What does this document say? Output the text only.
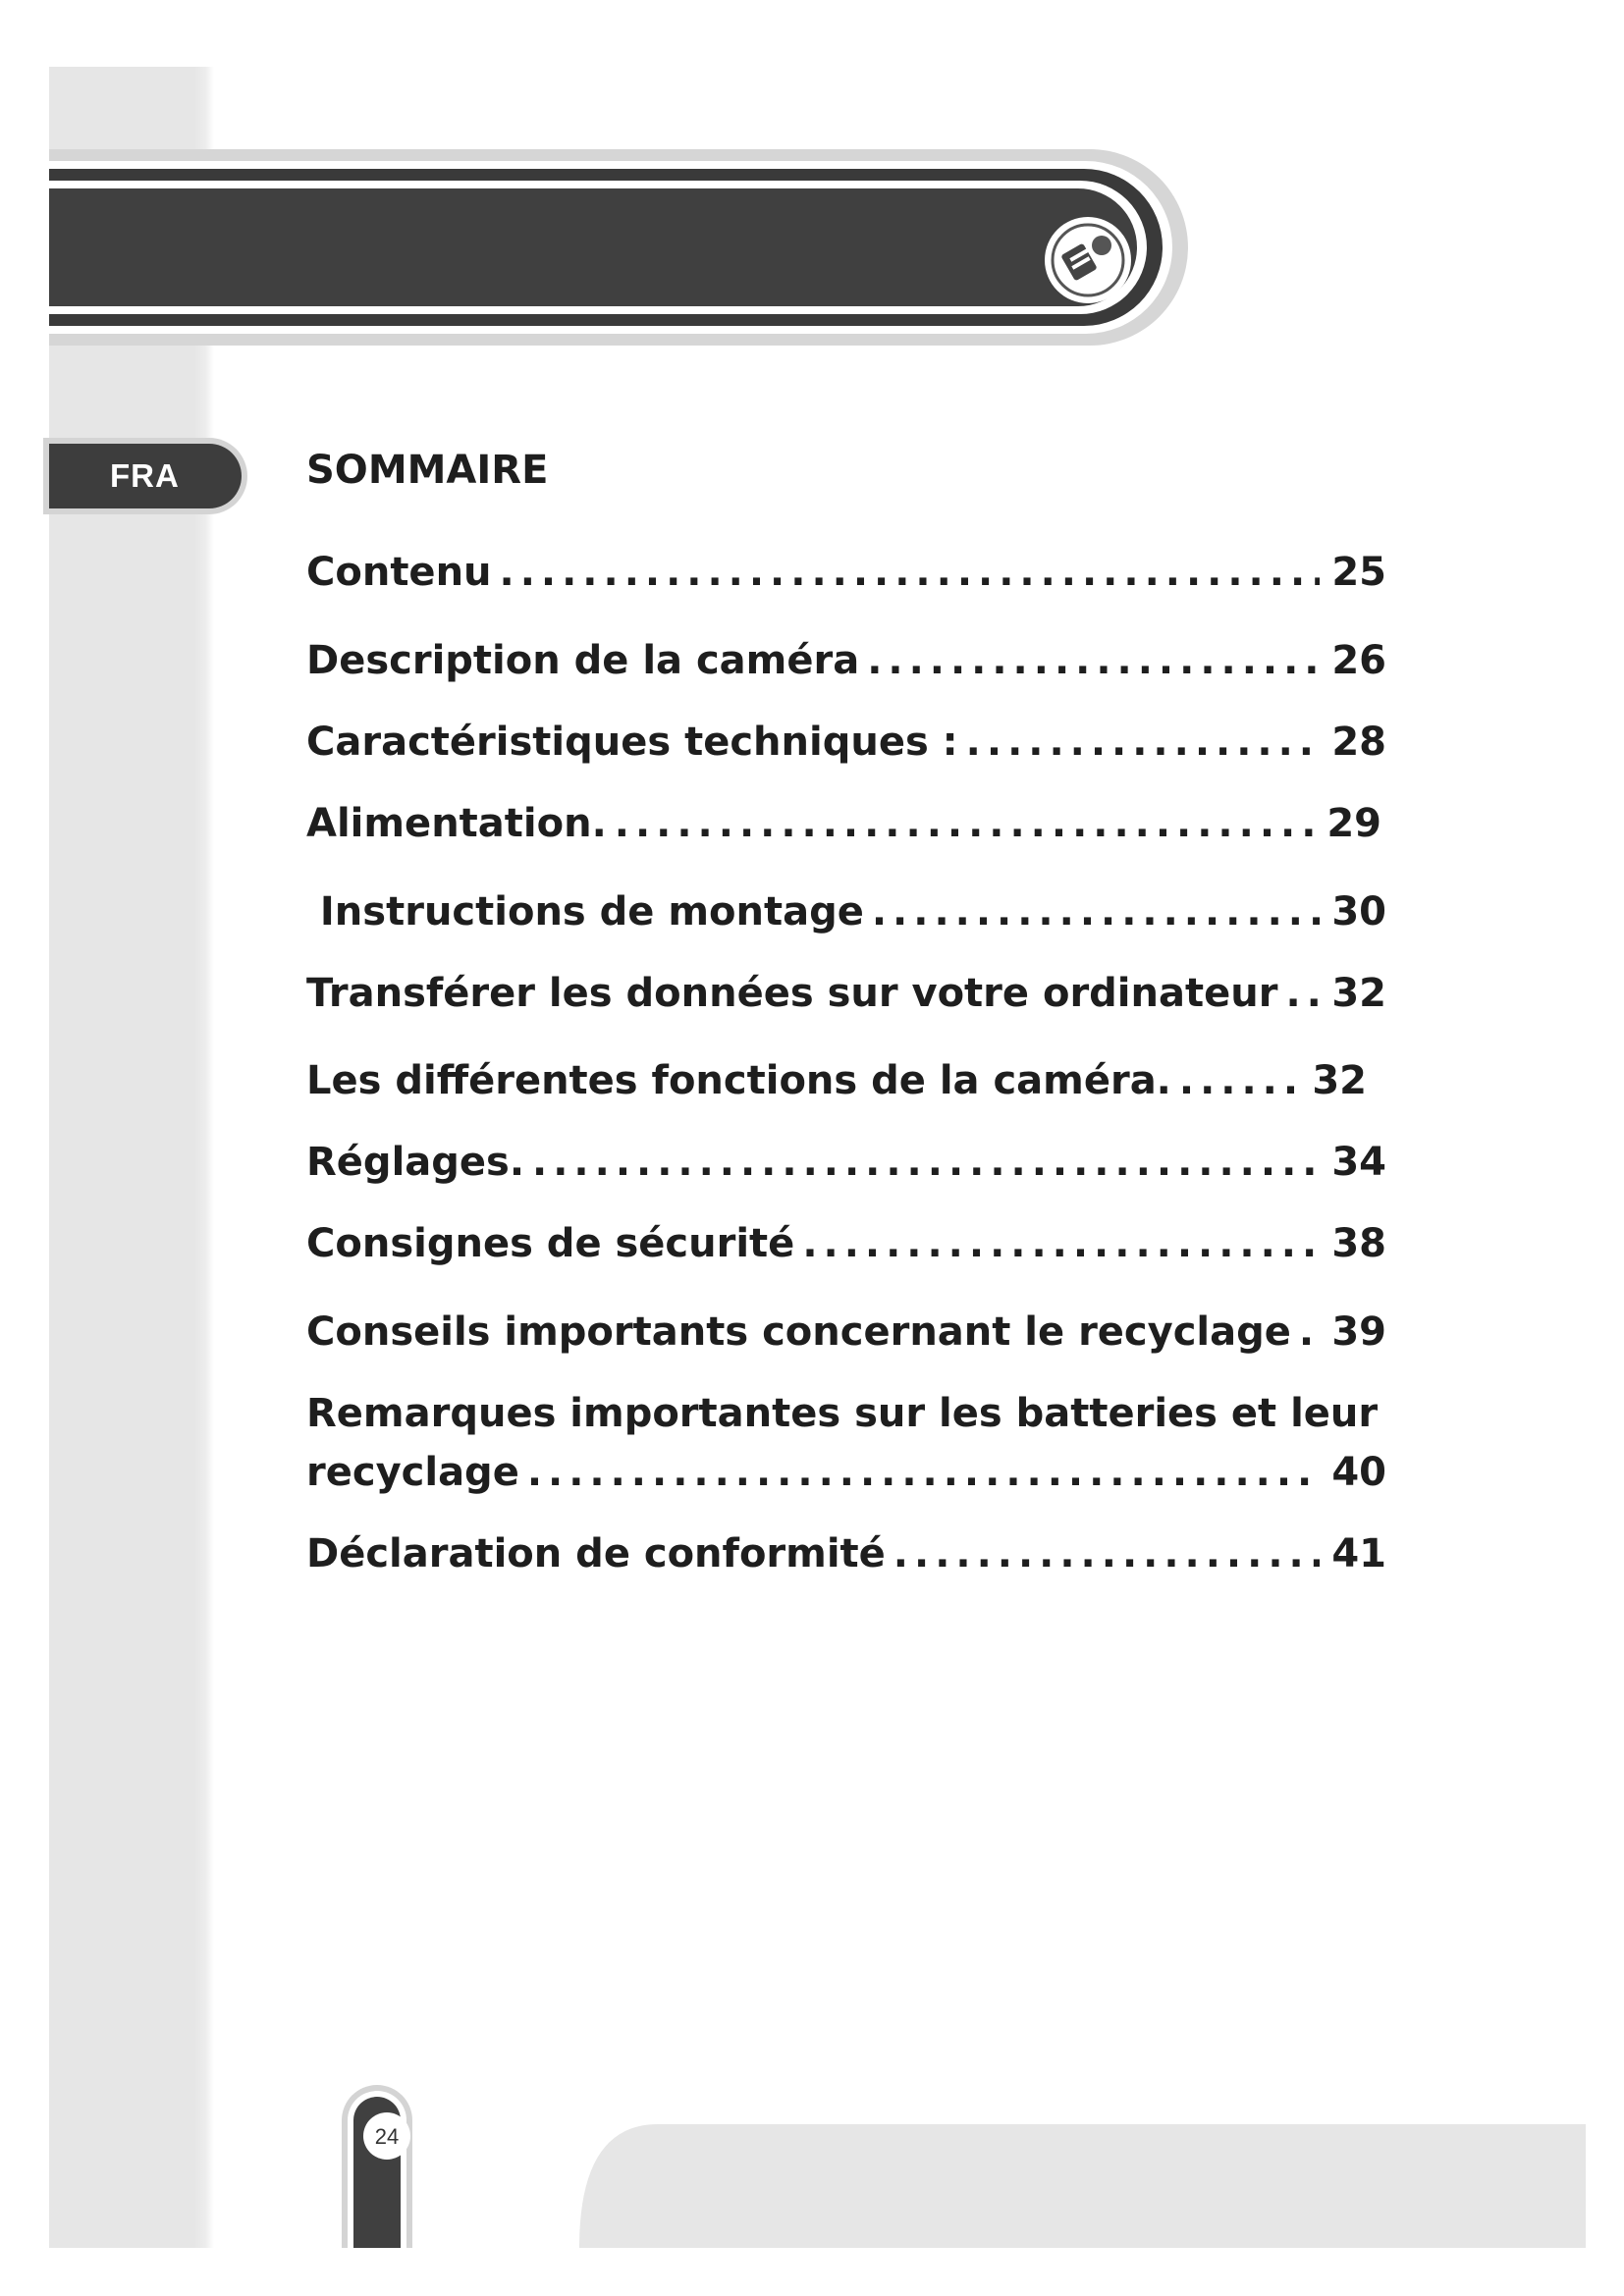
FRA	SOMMAIRE
Contenu .....	25
Description de la caméra .....	26
Caractéristiques techniques : .....	28
Alimentation. .....	29
Instructions de montage .....	30
Transférer les données sur votre ordinateur ..... 32
Les différentes fonctions de la caméra. .....	32
Réglages. .....	34
Consignes de sécurité .....	38
Conseils importants concernant le recyclage ..... 39
Remarques importantes sur les batteries et leur
recyclage .....	40
Déclaration de conformité .....	41
24
